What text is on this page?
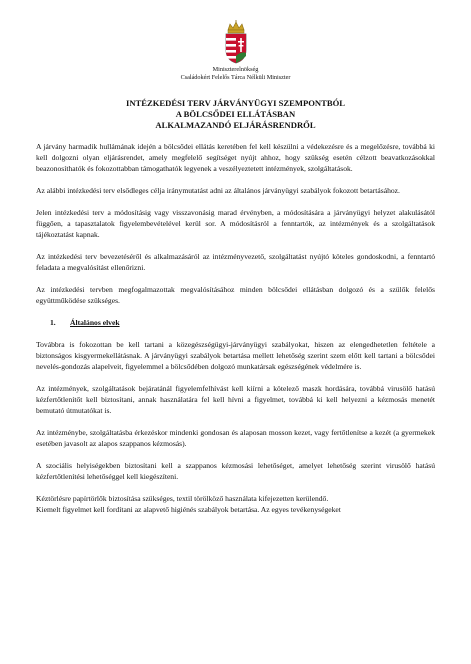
Miniszterelnökség
Családokért Felelős Tárca Nélküli Miniszter
INTÉZKEDÉSI TERV JÁRVÁNYÜGYI SZEMPONTBÓL
A BÖLCSŐDEI ELLÁTÁSBAN
ALKALMAZANDÓ ELJÁRÁSRENDRŐL

A járvány harmadik hullámának idején a bölcsődei ellátás keretében fel kell készülni a védekezésre és a megelőzésre, továbbá ki kell dolgozni olyan eljárásrendet, amely megfelelő segítséget nyújt ahhoz, hogy szükség esetén célzott beavatkozásokkal beazonosíthatók és fokozottabban támogathatók legyenek a veszélyeztetett intézmények, szolgáltatások.

Az alábbi intézkedési terv elsődleges célja iránymutatást adni az általános járványügyi szabályok fokozott betartásához.

Jelen intézkedési terv a módosításig vagy visszavonásig marad érvényben, a módosítására a járványügyi helyzet alakulásától függően, a tapasztalatok figyelembevételével kerül sor. A módosításról a fenntartók, az intézmények és a szolgáltatások tájékoztatást kapnak.

Az intézkedési terv bevezetéséről és alkalmazásáról az intézményvezető, szolgáltatást nyújtó köteles gondoskodni, a fenntartó feladata a megvalósítást ellenőrizni.

Az intézkedési tervben megfogalmazottak megvalósításához minden bölcsődei ellátásban dolgozó és a szülők felelős együttműködése szükséges.

1. Általános elvek

Továbbra is fokozottan be kell tartani a közegészségügyi-járványügyi szabályokat, hiszen az elengedhetetlen feltétele a biztonságos kisgyermekellátásnak. A járványügyi szabályok betartása mellett lehetőség szerint szem előtt kell tartani a bölcsődei nevelés-gondozás alapelveit, figyelemmel a bölcsődében dolgozó munkatársak egészségének védelmére is.

Az intézmények, szolgáltatások bejáratánál figyelemfelhívást kell kiírni a kötelező maszk hordására, továbbá virusölő hatású kézfertőtlenítőt kell biztosítani, annak használatára fel kell hívni a figyelmet, továbbá ki kell helyezni a kézmosás menetét bemutató útmutatókat is.

Az intézménybe, szolgáltatásba érkezéskor mindenki gondosan és alaposan mosson kezet, vagy fertőtlenítse a kezét (a gyermekek esetében javasolt az alapos szappanos kézmosás).

A szociális helyiségekben biztosítani kell a szappanos kézmosási lehetőséget, amelyet lehetőség szerint virusölő hatású kézfertőtlenítési lehetőséggel kell kiegészíteni.

Kéztörlésre papírtörlők biztosítása szükséges, textil törölköző használata kifejezetten kerülendő.

Kiemelt figyelmet kell fordítani az alapvető higiénés szabályok betartása. Az egyes tevékenységeket
